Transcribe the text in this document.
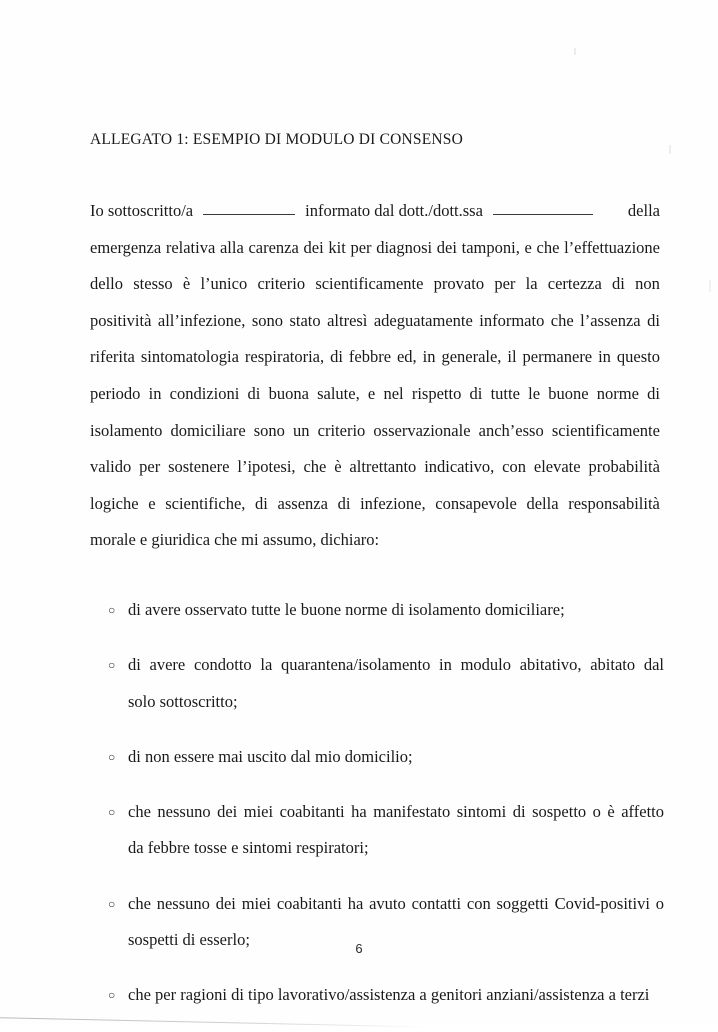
ALLEGATO 1: ESEMPIO DI MODULO DI CONSENSO
Io sottoscritto/a	informato dal dott./dott.ssa	della
emergenza relativa alla carenza dei kit per diagnosi dei tamponi, e che l’effettuazione
dello stesso è l’unico criterio scientificamente provato per la certezza di non
positività all’infezione, sono stato altresì adeguatamente informato che l’assenza di
riferita sintomatologia respiratoria, di febbre ed, in generale, il permanere in questo
periodo in condizioni di buona salute, e nel rispetto di tutte le buone norme di
isolamento domiciliare sono un criterio osservazionale anch’esso scientificamente
valido per sostenere l’ipotesi, che è altrettanto indicativo, con elevate probabilità
logiche e scientifiche, di assenza di infezione, consapevole della responsabilità
morale e giuridica che mi assumo, dichiaro:
○ di avere osservato tutte le buone norme di isolamento domiciliare;
○ di avere condotto la quarantena/isolamento in modulo abitativo, abitato dal
solo sottoscritto;
○ di non essere mai uscito dal mio domicilio;
○ che nessuno dei miei coabitanti ha manifestato sintomi di sospetto o è affetto
da febbre tosse e sintomi respiratori;
○ che nessuno dei miei coabitanti ha avuto contatti con soggetti Covid-positivi o
sospetti di esserlo;
○ che per ragioni di tipo lavorativo/assistenza a genitori anziani/assistenza a terzi
6
